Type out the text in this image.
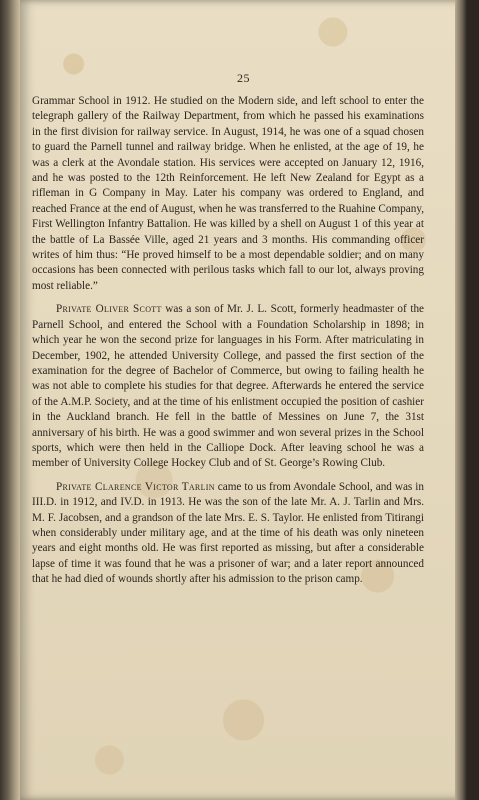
25

Grammar School in 1912. He studied on the Modern side, and left school to enter the telegraph gallery of the Railway Department, from which he passed his examinations in the first division for railway service. In August, 1914, he was one of a squad chosen to guard the Parnell tunnel and railway bridge. When he enlisted, at the age of 19, he was a clerk at the Avondale station. His services were accepted on January 12, 1916, and he was posted to the 12th Reinforcement. He left New Zealand for Egypt as a rifleman in G Company in May. Later his company was ordered to England, and reached France at the end of August, when he was transferred to the Ruahine Company, First Wellington Infantry Battalion. He was killed by a shell on August 1 of this year at the battle of La Bassée Ville, aged 21 years and 3 months. His commanding officer writes of him thus: “He proved himself to be a most dependable soldier; and on many occasions has been connected with perilous tasks which fall to our lot, always proving most reliable.”

Private Oliver Scott was a son of Mr. J. L. Scott, formerly headmaster of the Parnell School, and entered the School with a Foundation Scholarship in 1898; in which year he won the second prize for languages in his Form. After matriculating in December, 1902, he attended University College, and passed the first section of the examination for the degree of Bachelor of Commerce, but owing to failing health he was not able to complete his studies for that degree. Afterwards he entered the service of the A.M.P. Society, and at the time of his enlistment occupied the position of cashier in the Auckland branch. He fell in the battle of Messines on June 7, the 31st anniversary of his birth. He was a good swimmer and won several prizes in the School sports, which were then held in the Calliope Dock. After leaving school he was a member of University College Hockey Club and of St. George’s Rowing Club.

Private Clarence Victor Tarlin came to us from Avondale School, and was in III.D. in 1912, and IV.D. in 1913. He was the son of the late Mr. A. J. Tarlin and Mrs. M. F. Jacobsen, and a grandson of the late Mrs. E. S. Taylor. He enlisted from Titirangi when considerably under military age, and at the time of his death was only nineteen years and eight months old. He was first reported as missing, but after a considerable lapse of time it was found that he was a prisoner of war; and a later report announced that he had died of wounds shortly after his admission to the prison camp.
